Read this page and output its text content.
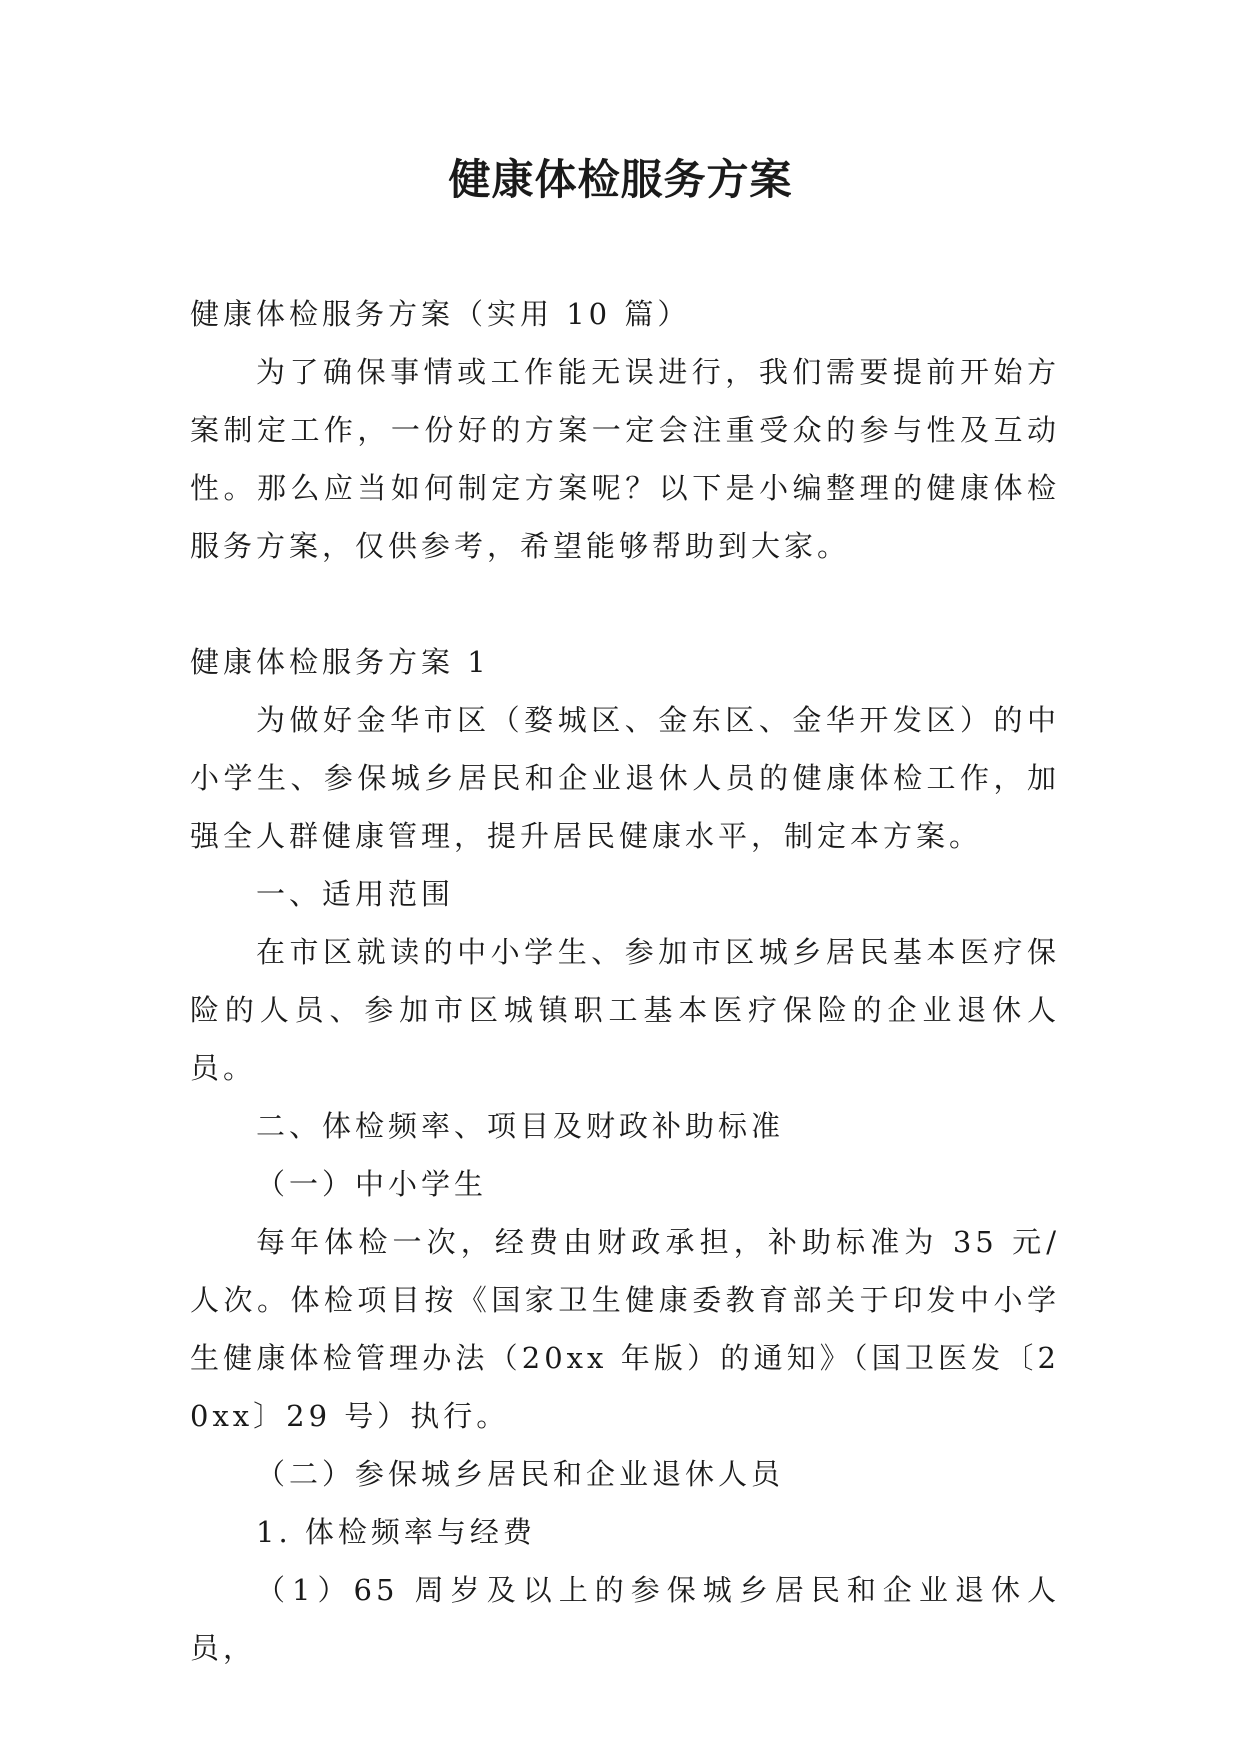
健康体检服务方案

健康体检服务方案（实用 10 篇）

为了确保事情或工作能无误进行，我们需要提前开始方案制定工作，一份好的方案一定会注重受众的参与性及互动性。那么应当如何制定方案呢？以下是小编整理的健康体检服务方案，仅供参考，希望能够帮助到大家。

健康体检服务方案 1

为做好金华市区（婺城区、金东区、金华开发区）的中小学生、参保城乡居民和企业退休人员的健康体检工作，加强全人群健康管理，提升居民健康水平，制定本方案。

一、适用范围

在市区就读的中小学生、参加市区城乡居民基本医疗保险的人员、参加市区城镇职工基本医疗保险的企业退休人员。

二、体检频率、项目及财政补助标准

（一）中小学生

每年体检一次，经费由财政承担，补助标准为 35 元/人次。体检项目按《国家卫生健康委教育部关于印发中小学生健康体检管理办法（20xx 年版）的通知》（国卫医发〔20xx〕29 号）执行。

（二）参保城乡居民和企业退休人员

1. 体检频率与经费

（1）65 周岁及以上的参保城乡居民和企业退休人员，
